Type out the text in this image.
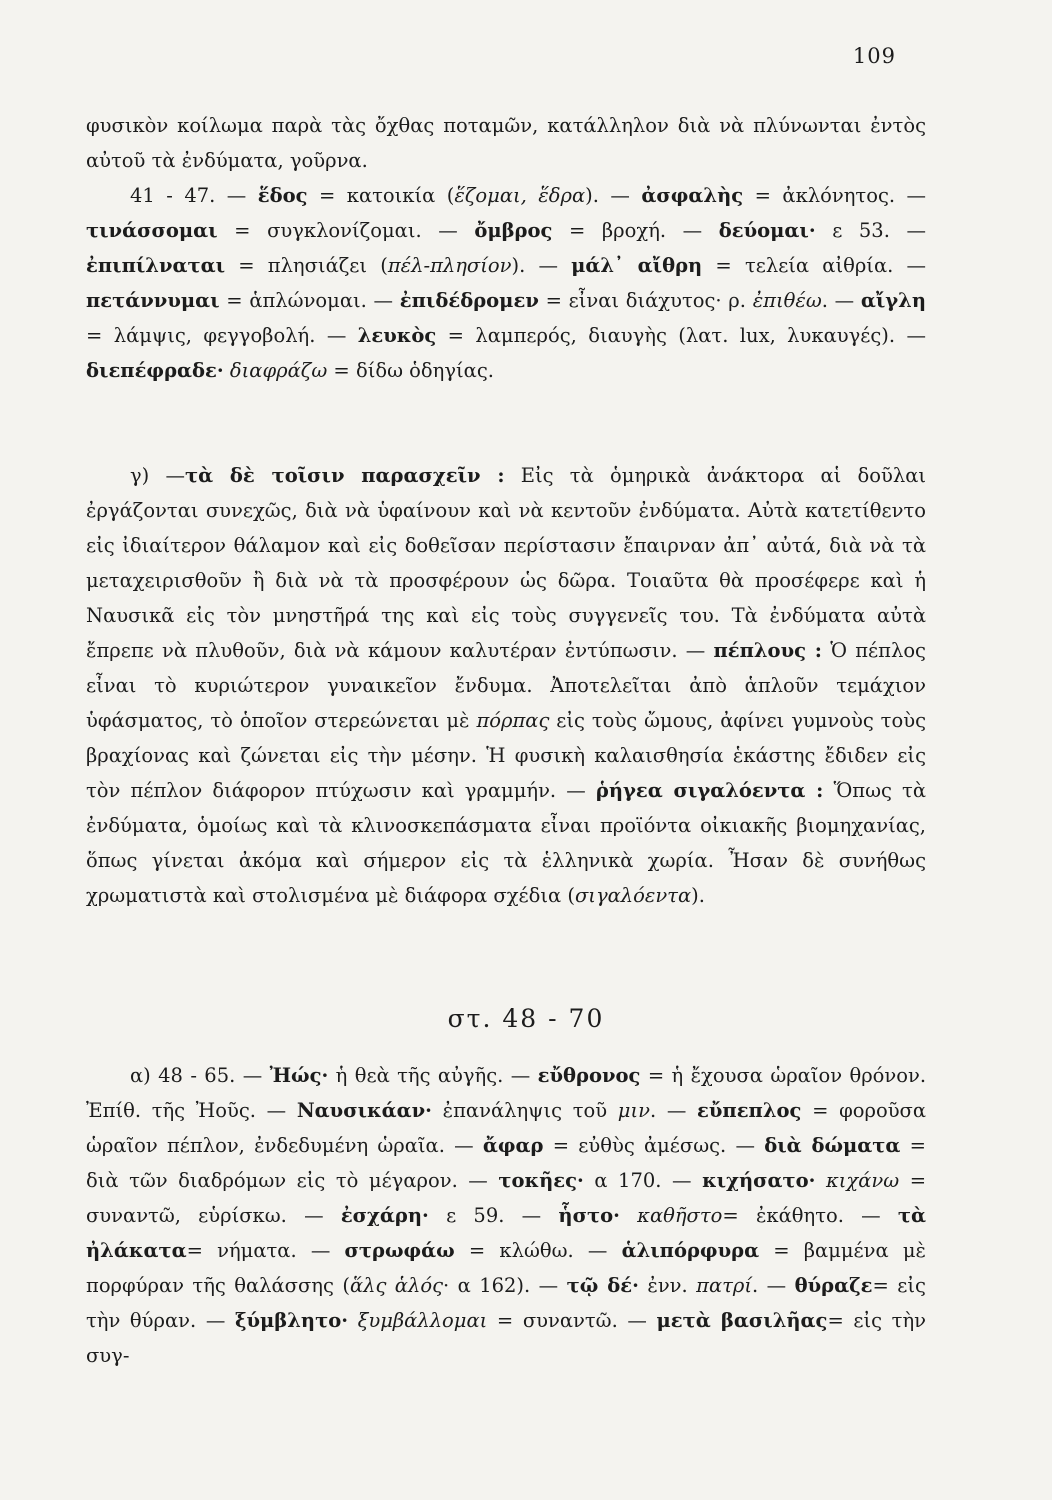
109

φυσικὸν κοίλωμα παρὰ τὰς ὄχθας ποταμῶν, κατάλληλον διὰ νὰ πλύνωνται ἐντὸς αὐτοῦ τὰ ἐνδύματα, γοῦρνα.

41 - 47. — ἕδος = κατοικία (ἕζομαι, ἕδρα). — ἀσφαλὴς = ἀκλόνητος. — τινάσσομαι = συγκλονίζομαι. — ὄμβρος = βροχή. — δεύομαι· ε 53. — ἐπιπίλναται = πλησιάζει (πέλ-πλησίον). — μάλ᾽ αἴθρη = τελεία αἰθρία. — πετάννυμαι = ἁπλώνομαι. — ἐπιδέδρομεν = εἶναι διάχυτος· ρ. ἐπιθέω. — αἴγλη = λάμψις, φεγγοβολή. — λευκὸς = λαμπερός, διαυγὴς (λατ. lux, λυκαυγές). — διεπέφραδε· διαφράζω = δίδω ὁδηγίας.

γ) —τὰ δὲ τοῖσιν παρασχεῖν : Εἰς τὰ ὁμηρικὰ ἀνάκτορα αἱ δοῦλαι ἐργάζονται συνεχῶς, διὰ νὰ ὑφαίνουν καὶ νὰ κεντοῦν ἐνδύματα. Αὐτὰ κατετίθεντο εἰς ἰδιαίτερον θάλαμον καὶ εἰς δοθεῖσαν περίστασιν ἔπαιρναν ἀπ᾽ αὐτά, διὰ νὰ τὰ μεταχειρισθοῦν ἢ διὰ νὰ τὰ προσφέρουν ὡς δῶρα. Τοιαῦτα θὰ προσέφερε καὶ ἡ Ναυσικᾶ εἰς τὸν μνηστῆρά της καὶ εἰς τοὺς συγγενεῖς του. Τὰ ἐνδύματα αὐτὰ ἔπρεπε νὰ πλυθοῦν, διὰ νὰ κάμουν καλυτέραν ἐντύπωσιν. — πέπλους : Ὁ πέπλος εἶναι τὸ κυριώτερον γυναικεῖον ἔνδυμα. Ἀποτελεῖται ἀπὸ ἁπλοῦν τεμάχιον ὑφάσματος, τὸ ὁποῖον στερεώνεται μὲ πόρπας εἰς τοὺς ὤμους, ἀφίνει γυμνοὺς τοὺς βραχίονας καὶ ζώνεται εἰς τὴν μέσην. Ἡ φυσικὴ καλαισθησία ἑκάστης ἔδιδεν εἰς τὸν πέπλον διάφορον πτύχωσιν καὶ γραμμήν. — ῥήγεα σιγαλόεντα : Ὅπως τὰ ἐνδύματα, ὁμοίως καὶ τὰ κλινοσκεπάσματα εἶναι προϊόντα οἰκιακῆς βιομηχανίας, ὅπως γίνεται ἀκόμα καὶ σήμερον εἰς τὰ ἑλληνικὰ χωρία. Ἦσαν δὲ συνήθως χρωματιστὰ καὶ στολισμένα μὲ διάφορα σχέδια (σιγαλόεντα).

στ. 48 - 70

α) 48 - 65. — Ἠώς· ἡ θεὰ τῆς αὐγῆς. — εὔθρονος = ἡ ἔχουσα ὡραῖον θρόνον. Ἐπίθ. τῆς Ἠοῦς. — Ναυσικάαν· ἐπανάληψις τοῦ μιν. — εὔπεπλος = φοροῦσα ὡραῖον πέπλον, ἐνδεδυμένη ὡραῖα. — ἄφαρ = εὐθὺς ἀμέσως. — διὰ δώματα = διὰ τῶν διαδρόμων εἰς τὸ μέγαρον. — τοκῆες· α 170. — κιχήσατο· κιχάνω = συναντῶ, εὑρίσκω. — ἐσχάρη· ε 59. — ἧστο· καθῆστο= ἐκάθητο. — τὰ ἠλάκατα= νήματα. — στρωφάω = κλώθω. — ἁλιπόρφυρα = βαμμένα μὲ πορφύραν τῆς θαλάσσης (ἅλς ἁλός· α 162). — τῷ δέ· ἐνν. πατρί. — θύραζε= εἰς τὴν θύραν. — ξύμβλητο· ξυμβάλλομαι = συναντῶ. — μετὰ βασιλῆας= εἰς τὴν συγ-
